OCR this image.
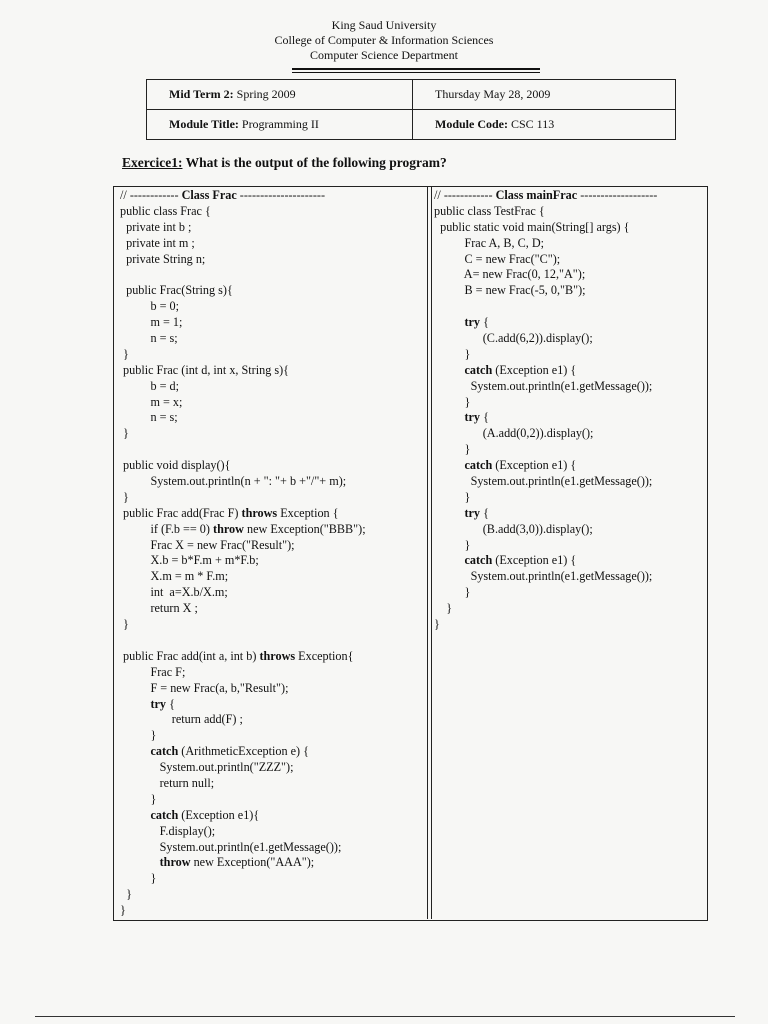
King Saud University
College of Computer & Information Sciences
Computer Science Department
Mid Term 2: Spring 2009	Thursday May 28, 2009
Module Title: Programming II	Module Code: CSC 113
Exercice1: What is the output of the following program?
// ------------ Class Frac ---------------------
public class Frac {
private int b ;
private int m ;
private String n;
public Frac(String s){
b = 0;
m = 1;
n = s;
}
public Frac (int d, int x, String s){
b = d;
m = x;
n = s;
}
public void display(){
System.out.println(n + ": "+ b +"/"+ m);
}
public Frac add(Frac F) throws Exception {
if (F.b == 0) throw new Exception("BBB");
Frac X = new Frac("Result");
X.b = b*F.m + m*F.b;
X.m = m * F.m;
int  a=X.b/X.m;
return X ;
}
public Frac add(int a, int b) throws Exception{
Frac F;
F = new Frac(a, b,"Result");
try {
return add(F) ;
}
catch (ArithmeticException e) {
System.out.println("ZZZ");
return null;
}
catch (Exception e1){
F.display();
System.out.println(e1.getMessage());
throw new Exception("AAA");
}
}
}
// ------------ Class mainFrac -------------------
public class TestFrac {
public static void main(String[] args) {
Frac A, B, C, D;
C = new Frac("C");
A= new Frac(0, 12,"A");
B = new Frac(-5, 0,"B");
try {
(C.add(6,2)).display();
}
catch (Exception e1) {
System.out.println(e1.getMessage());
}
try {
(A.add(0,2)).display();
}
catch (Exception e1) {
System.out.println(e1.getMessage());
}
try {
(B.add(3,0)).display();
}
catch (Exception e1) {
System.out.println(e1.getMessage());
}
}
}
